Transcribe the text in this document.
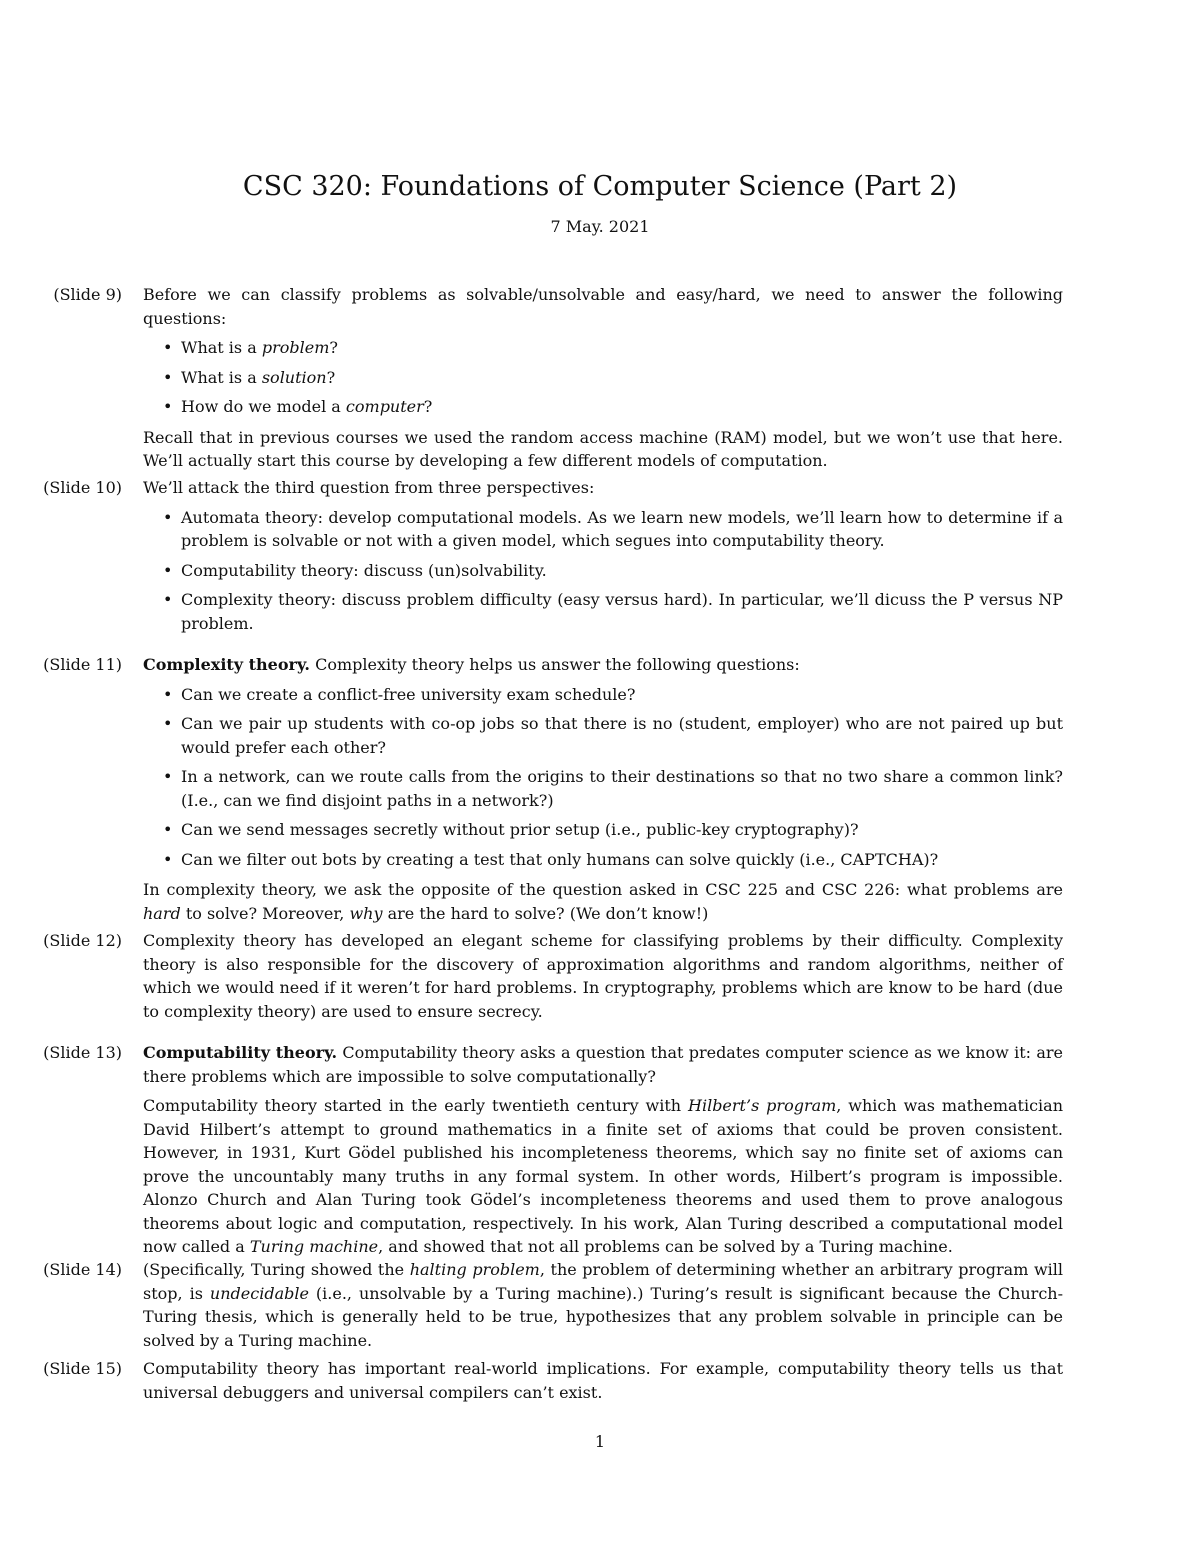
CSC 320: Foundations of Computer Science (Part 2)
7 May. 2021
(Slide 9) Before we can classify problems as solvable/unsolvable and easy/hard, we need to answer the following questions:

• What is a problem?
• What is a solution?
• How do we model a computer?

Recall that in previous courses we used the random access machine (RAM) model, but we won’t use that here. We’ll actually start this course by developing a few different models of computation.

(Slide 10) We’ll attack the third question from three perspectives:

• Automata theory: develop computational models. As we learn new models, we’ll learn how to determine if a problem is solvable or not with a given model, which segues into computability theory.
• Computability theory: discuss (un)solvability.
• Complexity theory: discuss problem difficulty (easy versus hard). In particular, we’ll dicuss the P versus NP problem.
(Slide 11) Complexity theory. Complexity theory helps us answer the following questions:

• Can we create a conflict-free university exam schedule?
• Can we pair up students with co-op jobs so that there is no (student, employer) who are not paired up but would prefer each other?
• In a network, can we route calls from the origins to their destinations so that no two share a common link? (I.e., can we find disjoint paths in a network?)
• Can we send messages secretly without prior setup (i.e., public-key cryptography)?
• Can we filter out bots by creating a test that only humans can solve quickly (i.e., CAPTCHA)?

In complexity theory, we ask the opposite of the question asked in CSC 225 and CSC 226: what problems are hard to solve? Moreover, why are the hard to solve? (We don’t know!)

(Slide 12) Complexity theory has developed an elegant scheme for classifying problems by their difficulty. Complexity theory is also responsible for the discovery of approximation algorithms and random algorithms, neither of which we would need if it weren’t for hard problems. In cryptography, problems which are know to be hard (due to complexity theory) are used to ensure secrecy.

(Slide 13) Computability theory. Computability theory asks a question that predates computer science as we know it: are there problems which are impossible to solve computationally?

Computability theory started in the early twentieth century with Hilbert’s program, which was mathematician David Hilbert’s attempt to ground mathematics in a finite set of axioms that could be proven consistent. However, in 1931, Kurt Gödel published his incompleteness theorems, which say no finite set of axioms can prove the uncountably many truths in any formal system. In other words, Hilbert’s program is impossible. Alonzo Church and Alan Turing took Gödel’s incompleteness theorems and used them to prove analogous theorems about logic and computation, respectively. In his work, Alan Turing described a computational model now called a Turing machine, and showed that not all problems can be solved by a Turing machine.

(Slide 14) (Specifically, Turing showed the halting problem, the problem of determining whether an arbitrary program will stop, is undecidable (i.e., unsolvable by a Turing machine).) Turing’s result is significant because the Church-Turing thesis, which is generally held to be true, hypothesizes that any problem solvable in principle can be solved by a Turing machine.

(Slide 15) Computability theory has important real-world implications. For example, computability theory tells us that universal debuggers and universal compilers can’t exist.

1
